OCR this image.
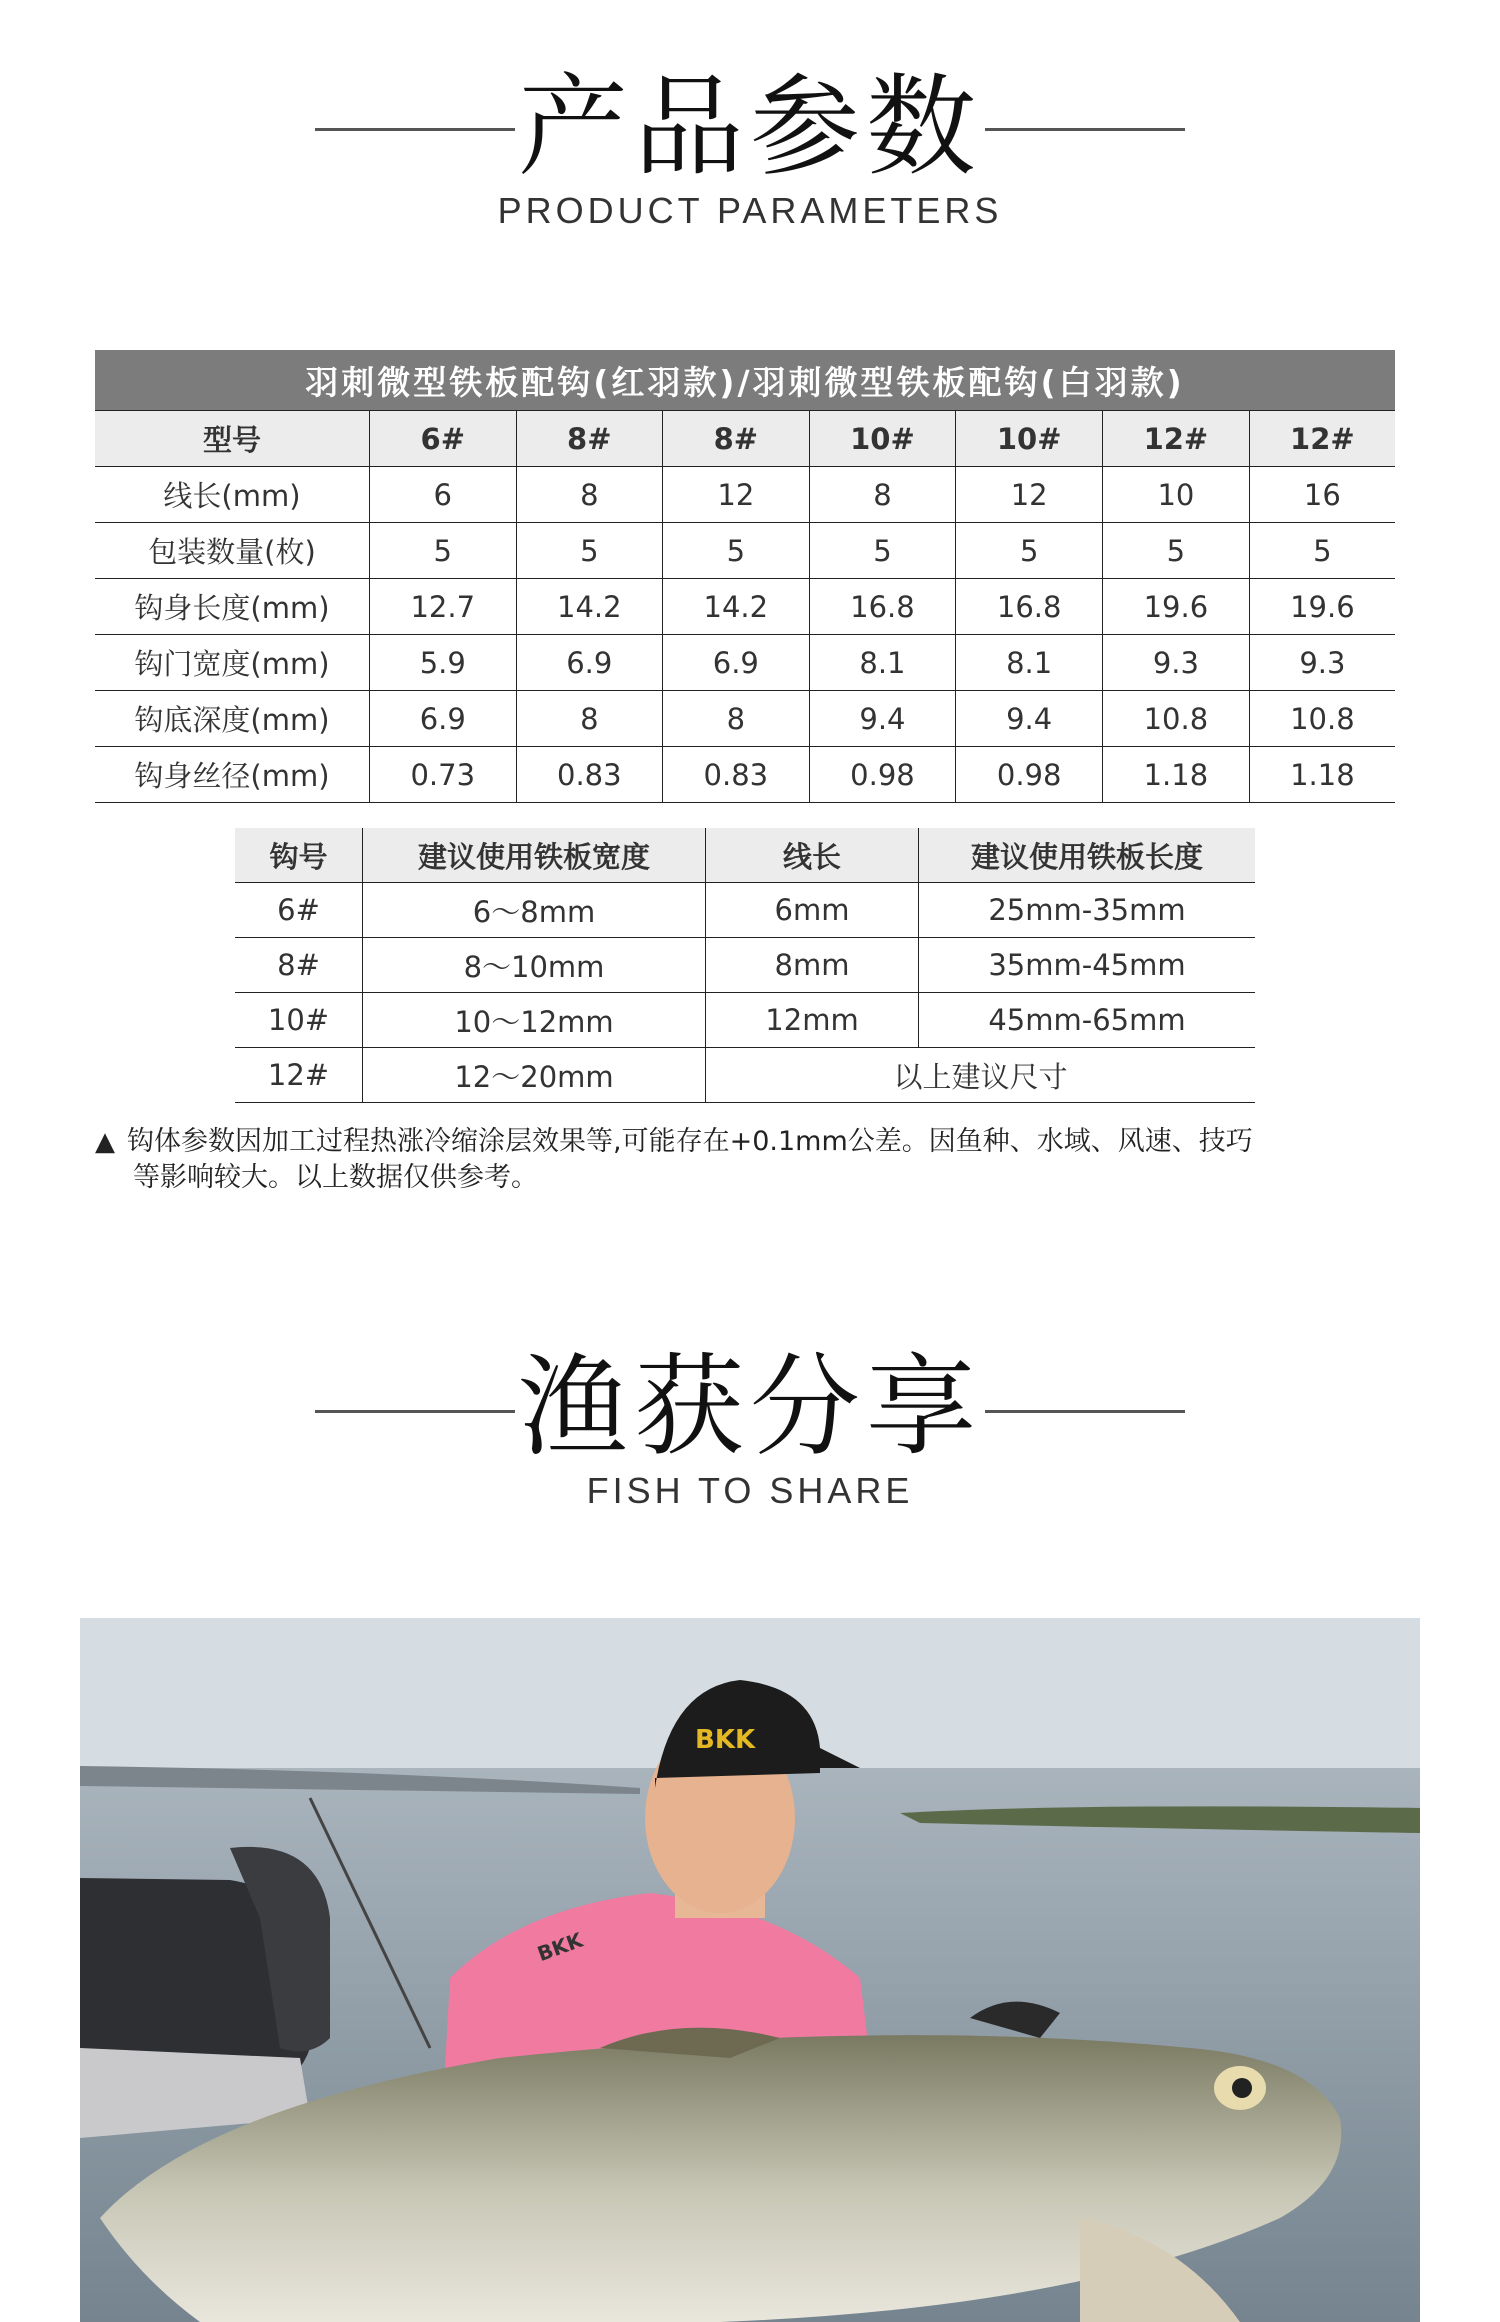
产品参数
PRODUCT PARAMETERS
羽刺微型铁板配钩(红羽款)/羽刺微型铁板配钩(白羽款)							
型号	6#	8#	8#	10#	10#	12#	12#
线长(mm)	6	8	12	8	12	10	16
包装数量(枚)	5	5	5	5	5	5	5
钩身长度(mm)	12.7	14.2	14.2	16.8	16.8	19.6	19.6
钩门宽度(mm)	5.9	6.9	6.9	8.1	8.1	9.3	9.3
钩底深度(mm)	6.9	8	8	9.4	9.4	10.8	10.8
钩身丝径(mm)	0.73	0.83	0.83	0.98	0.98	1.18	1.18
钩号	建议使用铁板宽度	线长	建议使用铁板长度
6#	6～8mm	6mm	25mm-35mm
8#	8～10mm	8mm	35mm-45mm
10#	10～12mm	12mm	45mm-65mm
12#	12～20mm	以上建议尺寸	
▲ 钩体参数因加工过程热涨冷缩涂层效果等,可能存在+0.1mm公差。因鱼种、水域、风速、技巧
等影响较大。以上数据仅供参考。
渔获分享
FISH TO SHARE
BKK
BKK
